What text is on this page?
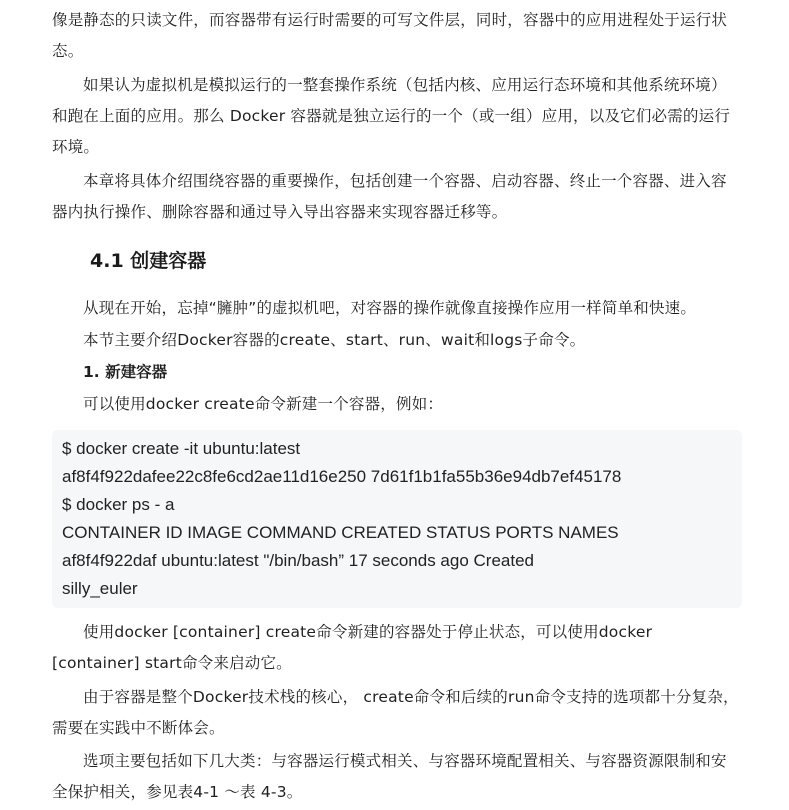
像是静态的只读文件，而容器带有运行时需要的可写文件层，同时，容器中的应用进程处于运行状态。

如果认为虚拟机是模拟运行的一整套操作系统（包括内核、应用运行态环境和其他系统环境）和跑在上面的应用。那么 Docker 容器就是独立运行的一个（或一组）应用，以及它们必需的运行环境。

本章将具体介绍围绕容器的重要操作，包括创建一个容器、启动容器、终止一个容器、进入容器内执行操作、删除容器和通过导入导出容器来实现容器迁移等。

4.1 创建容器

从现在开始，忘掉“臃肿”的虚拟机吧，对容器的操作就像直接操作应用一样简单和快速。

本节主要介绍Docker容器的create、start、run、wait和logs子命令。

1. 新建容器

可以使用docker create命令新建一个容器，例如：

$ docker create -it ubuntu:latest
af8f4f922dafee22c8fe6cd2ae11d16e250 7d61f1b1fa55b36e94db7ef45178
$ docker ps - a
CONTAINER ID IMAGE COMMAND CREATED STATUS PORTS NAMES
af8f4f922daf ubuntu:latest "/bin/bash” 17 seconds ago Created
silly_euler

使用docker [container] create命令新建的容器处于停止状态，可以使用docker [container] start命令来启动它。

由于容器是整个Docker技术栈的核心， create命令和后续的run命令支持的选项都十分复杂，需要在实践中不断体会。

选项主要包括如下几大类：与容器运行模式相关、与容器环境配置相关、与容器资源限制和安全保护相关，参见表4-1 ～表 4-3。
